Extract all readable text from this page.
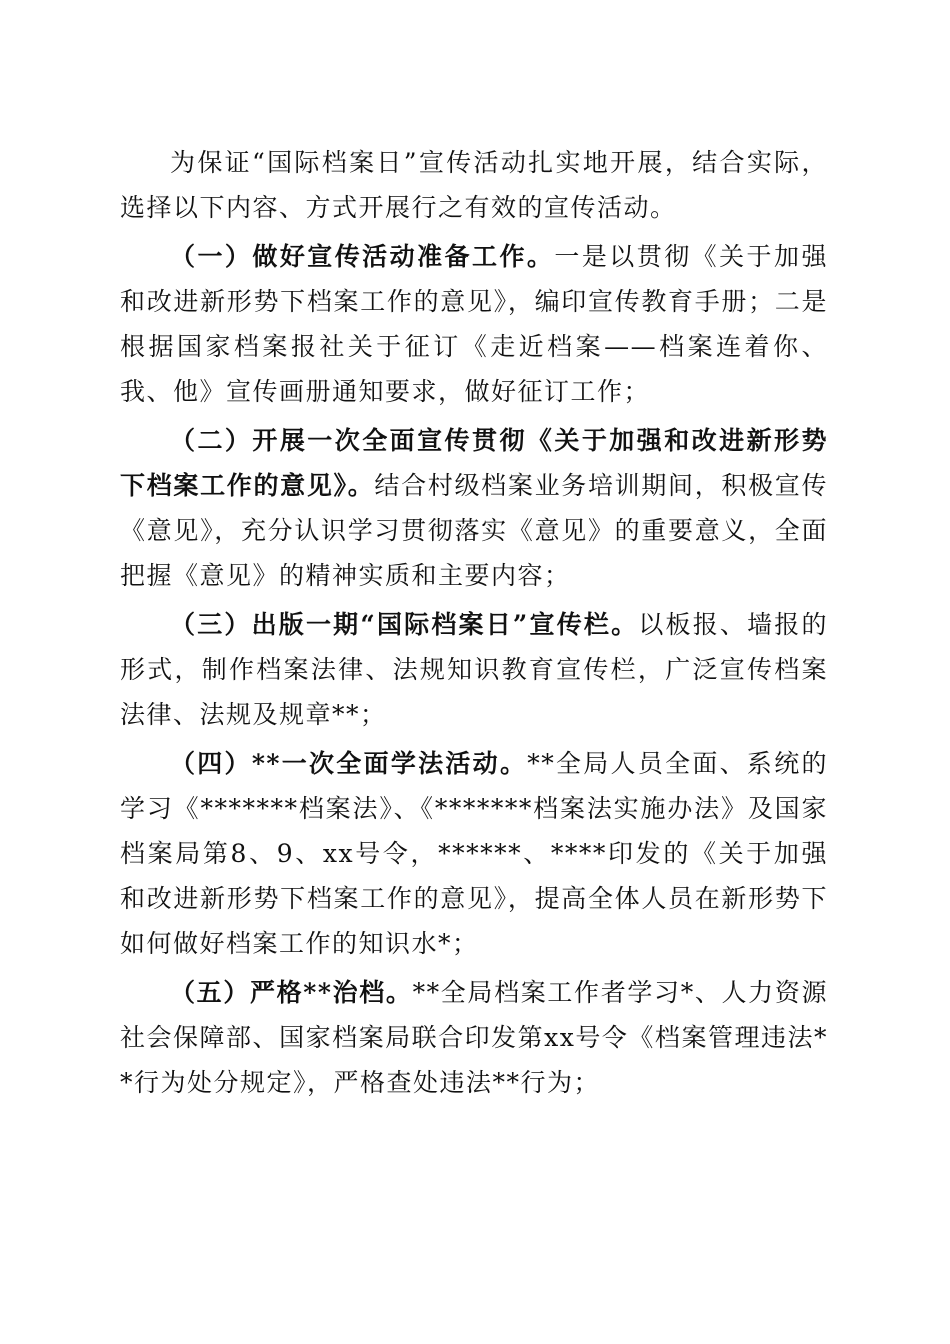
为保证“国际档案日”宣传活动扎实地开展，结合实际，选择以下内容、方式开展行之有效的宣传活动。

（一）做好宣传活动准备工作。一是以贯彻《关于加强和改进新形势下档案工作的意见》，编印宣传教育手册；二是根据国家档案报社关于征订《走近档案——档案连着你、我、他》宣传画册通知要求，做好征订工作；

（二）开展一次全面宣传贯彻《关于加强和改进新形势下档案工作的意见》。结合村级档案业务培训期间，积极宣传《意见》，充分认识学习贯彻落实《意见》的重要意义，全面把握《意见》的精神实质和主要内容；

（三）出版一期“国际档案日”宣传栏。以板报、墙报的形式，制作档案法律、法规知识教育宣传栏，广泛宣传档案法律、法规及规章**；

（四）**一次全面学法活动。**全局人员全面、系统的学习《*******档案法》、《*******档案法实施办法》及国家档案局第8、9、xx号令，******、****印发的《关于加强和改进新形势下档案工作的意见》，提高全体人员在新形势下如何做好档案工作的知识水*；

（五）严格**治档。**全局档案工作者学习*、人力资源社会保障部、国家档案局联合印发第xx号令《档案管理违法**行为处分规定》，严格查处违法**行为；
